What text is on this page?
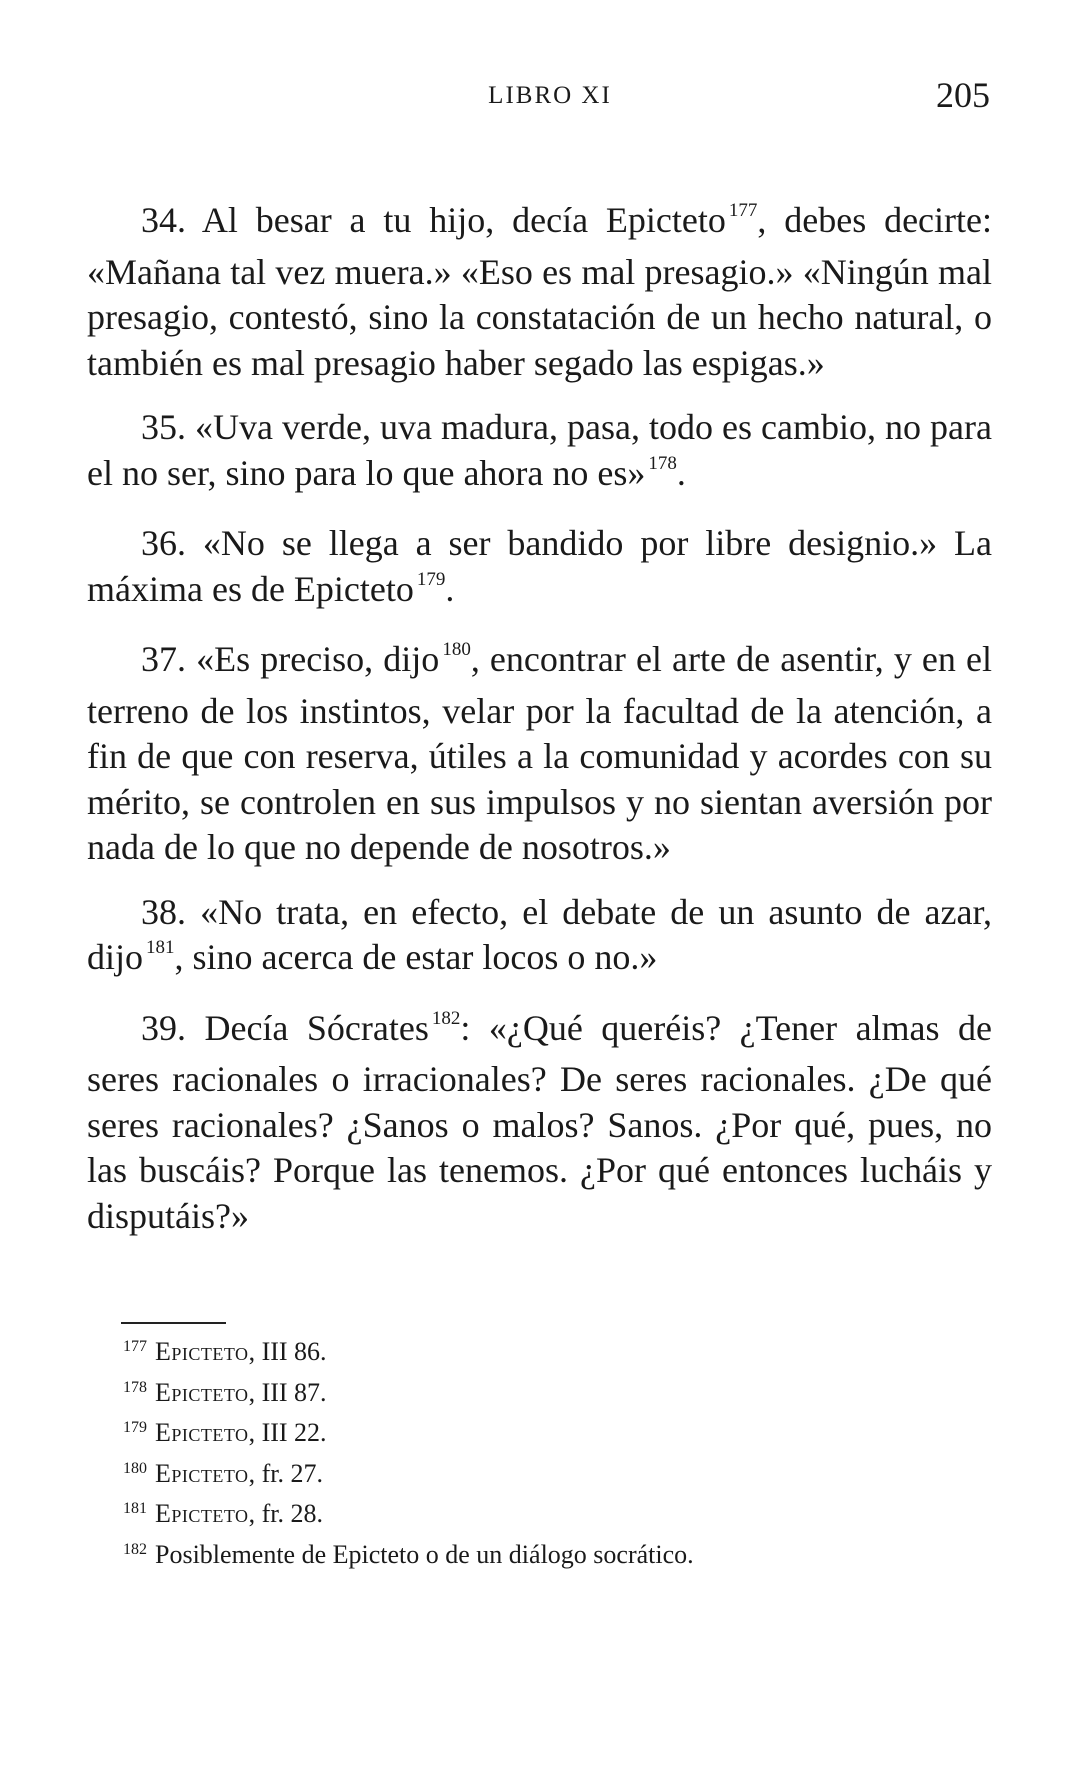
LIBRO XI	205

34. Al besar a tu hijo, decía Epicteto $^{177}$, debes decirte: «Mañana tal vez muera.» «Eso es mal presagio.» «Ningún mal presagio, contestó, sino la constatación de un hecho natural, o también es mal presagio haber segado las espigas.»

35. «Uva verde, uva madura, pasa, todo es cambio, no para el no ser, sino para lo que ahora no es» $^{178}$.

36. «No se llega a ser bandido por libre designio.» La máxima es de Epicteto $^{179}$.

37. «Es preciso, dijo $^{180}$, encontrar el arte de asentir, y en el terreno de los instintos, velar por la facultad de la atención, a fin de que con reserva, útiles a la comunidad y acordes con su mérito, se controlen en sus impulsos y no sientan aversión por nada de lo que no depende de nosotros.»

38. «No trata, en efecto, el debate de un asunto de azar, dijo $^{181}$, sino acerca de estar locos o no.»

39. Decía Sócrates $^{182}$: «¿Qué queréis? ¿Tener almas de seres racionales o irracionales? De seres racionales. ¿De qué seres racionales? ¿Sanos o malos? Sanos. ¿Por qué, pues, no las buscáis? Porque las tenemos. ¿Por qué entonces lucháis y disputáis?»

$^{177}$ Epicteto, III 86.
$^{178}$ Epicteto, III 87.
$^{179}$ Epicteto, III 22.
$^{180}$ Epicteto, fr. 27.
$^{181}$ Epicteto, fr. 28.
$^{182}$ Posiblemente de Epicteto o de un diálogo socrático.
